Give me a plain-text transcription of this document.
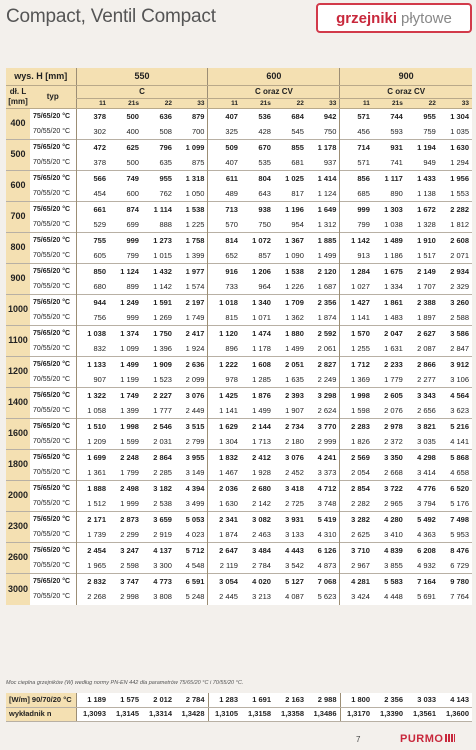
Compact, Ventil Compact	grzejniki płytowe
wys. H [mm]		550				600				900			
dł. L [mm]	typ	C				C oraz CV				C oraz CV			
		11	21s	22	33	11	21s	22	33	11	21s	22	33
400	75/65/20 °C	378	500	636	879	407	536	684	942	571	744	955	1 304
	70/55/20 °C	302	400	508	700	325	428	545	750	456	593	759	1 035
500	75/65/20 °C	472	625	796	1 099	509	670	855	1 178	714	931	1 194	1 630
	70/55/20 °C	378	500	635	875	407	535	681	937	571	741	949	1 294
600	75/65/20 °C	566	749	955	1 318	611	804	1 025	1 414	856	1 117	1 433	1 956
	70/55/20 °C	454	600	762	1 050	489	643	817	1 124	685	890	1 138	1 553
700	75/65/20 °C	661	874	1 114	1 538	713	938	1 196	1 649	999	1 303	1 672	2 282
	70/55/20 °C	529	699	888	1 225	570	750	954	1 312	799	1 038	1 328	1 812
800	75/65/20 °C	755	999	1 273	1 758	814	1 072	1 367	1 885	1 142	1 489	1 910	2 608
	70/55/20 °C	605	799	1 015	1 399	652	857	1 090	1 499	913	1 186	1 517	2 071
900	75/65/20 °C	850	1 124	1 432	1 977	916	1 206	1 538	2 120	1 284	1 675	2 149	2 934
	70/55/20 °C	680	899	1 142	1 574	733	964	1 226	1 687	1 027	1 334	1 707	2 329
1000	75/65/20 °C	944	1 249	1 591	2 197	1 018	1 340	1 709	2 356	1 427	1 861	2 388	3 260
	70/55/20 °C	756	999	1 269	1 749	815	1 071	1 362	1 874	1 141	1 483	1 897	2 588
1100	75/65/20 °C	1 038	1 374	1 750	2 417	1 120	1 474	1 880	2 592	1 570	2 047	2 627	3 586
	70/55/20 °C	832	1 099	1 396	1 924	896	1 178	1 499	2 061	1 255	1 631	2 087	2 847
1200	75/65/20 °C	1 133	1 499	1 909	2 636	1 222	1 608	2 051	2 827	1 712	2 233	2 866	3 912
	70/55/20 °C	907	1 199	1 523	2 099	978	1 285	1 635	2 249	1 369	1 779	2 277	3 106
1400	75/65/20 °C	1 322	1 749	2 227	3 076	1 425	1 876	2 393	3 298	1 998	2 605	3 343	4 564
	70/55/20 °C	1 058	1 399	1 777	2 449	1 141	1 499	1 907	2 624	1 598	2 076	2 656	3 623
1600	75/65/20 °C	1 510	1 998	2 546	3 515	1 629	2 144	2 734	3 770	2 283	2 978	3 821	5 216
	70/55/20 °C	1 209	1 599	2 031	2 799	1 304	1 713	2 180	2 999	1 826	2 372	3 035	4 141
1800	75/65/20 °C	1 699	2 248	2 864	3 955	1 832	2 412	3 076	4 241	2 569	3 350	4 298	5 868
	70/55/20 °C	1 361	1 799	2 285	3 149	1 467	1 928	2 452	3 373	2 054	2 668	3 414	4 658
2000	75/65/20 °C	1 888	2 498	3 182	4 394	2 036	2 680	3 418	4 712	2 854	3 722	4 776	6 520
	70/55/20 °C	1 512	1 999	2 538	3 499	1 630	2 142	2 725	3 748	2 282	2 965	3 794	5 176
2300	75/65/20 °C	2 171	2 873	3 659	5 053	2 341	3 082	3 931	5 419	3 282	4 280	5 492	7 498
	70/55/20 °C	1 739	2 299	2 919	4 023	1 874	2 463	3 133	4 310	2 625	3 410	4 363	5 953
2600	75/65/20 °C	2 454	3 247	4 137	5 712	2 647	3 484	4 443	6 126	3 710	4 839	6 208	8 476
	70/55/20 °C	1 965	2 598	3 300	4 548	2 119	2 784	3 542	4 873	2 967	3 855	4 932	6 729
3000	75/65/20 °C	2 832	3 747	4 773	6 591	3 054	4 020	5 127	7 068	4 281	5 583	7 164	9 780
	70/55/20 °C	2 268	2 998	3 808	5 248	2 445	3 213	4 087	5 623	3 424	4 448	5 691	7 764
Moc cieplna grzejników (W) według normy PN-EN 442 dla parametrów 75/65/20 °C i 70/55/20 °C.
[W/m] 90/70/20 °C	1 189	1 575	2 012	2 784	1 283	1 691	2 163	2 988	1 800	2 356	3 033	4 143
wykładnik n	1,3093	1,3145	1,3314	1,3428	1,3105	1,3158	1,3358	1,3486	1,3170	1,3390	1,3561	1,3600
7	PURMO
